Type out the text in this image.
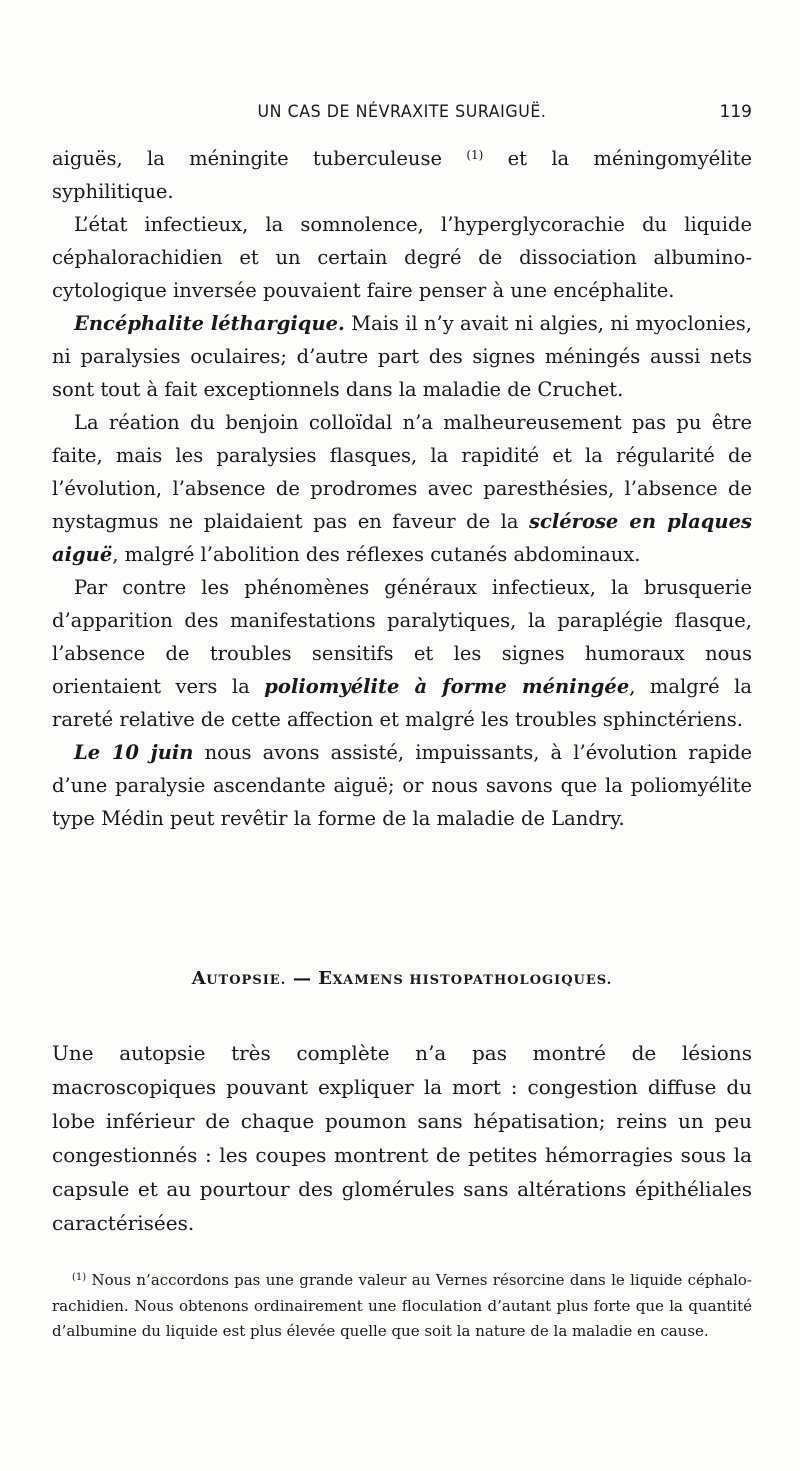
UN CAS DE NÉVRAXITE SURAIGUË.	119

aiguës, la méningite tuberculeuse $^{(1)}$ et la méningomyélite syphilitique.

L’état infectieux, la somnolence, l’hyperglycorachie du liquide céphalorachidien et un certain degré de dissociation albumino-cytologique inversée pouvaient faire penser à une encéphalite.

Encéphalite léthargique. Mais il n’y avait ni algies, ni myoclonies, ni paralysies oculaires; d’autre part des signes méningés aussi nets sont tout à fait exceptionnels dans la maladie de Cruchet.

La réation du benjoin colloïdal n’a malheureusement pas pu être faite, mais les paralysies flasques, la rapidité et la régularité de l’évolution, l’absence de prodromes avec paresthésies, l’absence de nystagmus ne plaidaient pas en faveur de la sclérose en plaques aiguë, malgré l’abolition des réflexes cutanés abdominaux.

Par contre les phénomènes généraux infectieux, la brusquerie d’apparition des manifestations paralytiques, la paraplégie flasque, l’absence de troubles sensitifs et les signes humoraux nous orientaient vers la poliomyélite à forme méningée, malgré la rareté relative de cette affection et malgré les troubles sphinctériens.

Le 10 juin nous avons assisté, impuissants, à l’évolution rapide d’une paralysie ascendante aiguë; or nous savons que la poliomyélite type Médin peut revêtir la forme de la maladie de Landry.

AUTOPSIE. — EXAMENS HISTOPATHOLOGIQUES.

Une autopsie très complète n’a pas montré de lésions macroscopiques pouvant expliquer la mort : congestion diffuse du lobe inférieur de chaque poumon sans hépatisation; reins un peu congestionnés : les coupes montrent de petites hémorragies sous la capsule et au pourtour des glomérules sans altérations épithéliales caractérisées.

$^{(1)}$ Nous n’accordons pas une grande valeur au Vernes résorcine dans le liquide céphalo-rachidien. Nous obtenons ordinairement une floculation d’autant plus forte que la quantité d’albumine du liquide est plus élevée quelle que soit la nature de la maladie en cause.
